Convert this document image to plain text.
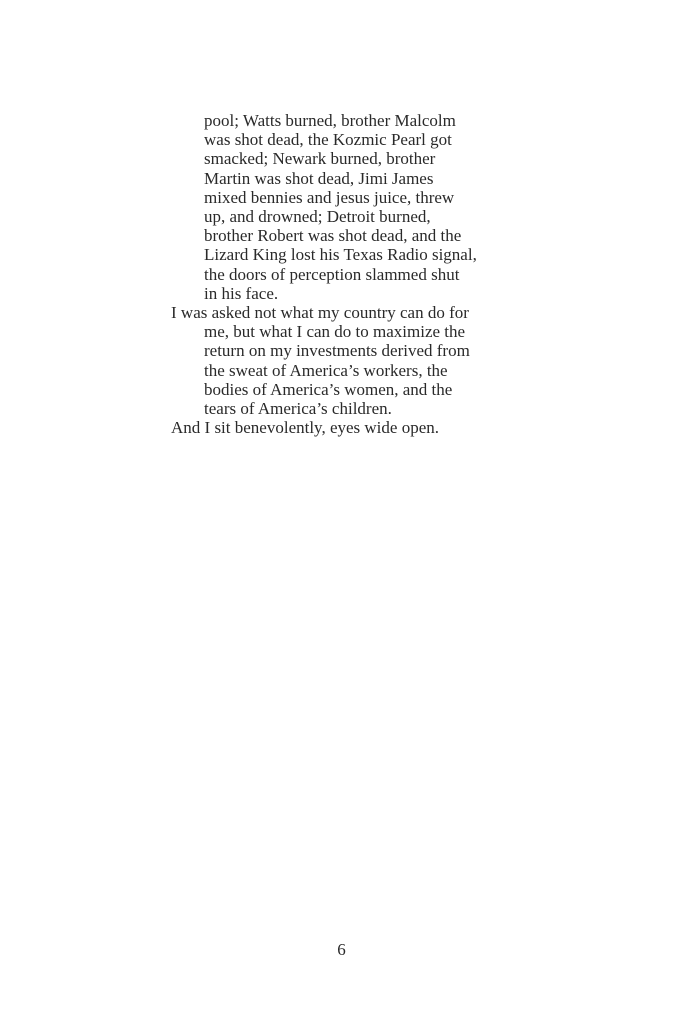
pool; Watts burned, brother Malcolm
was shot dead, the Kozmic Pearl got
smacked; Newark burned, brother
Martin was shot dead, Jimi James
mixed bennies and jesus juice, threw
up, and drowned; Detroit burned,
brother Robert was shot dead, and the
Lizard King lost his Texas Radio signal,
the doors of perception slammed shut
in his face.
I was asked not what my country can do for
me, but what I can do to maximize the
return on my investments derived from
the sweat of America’s workers, the
bodies of America’s women, and the
tears of America’s children.
And I sit benevolently, eyes wide open.
6
